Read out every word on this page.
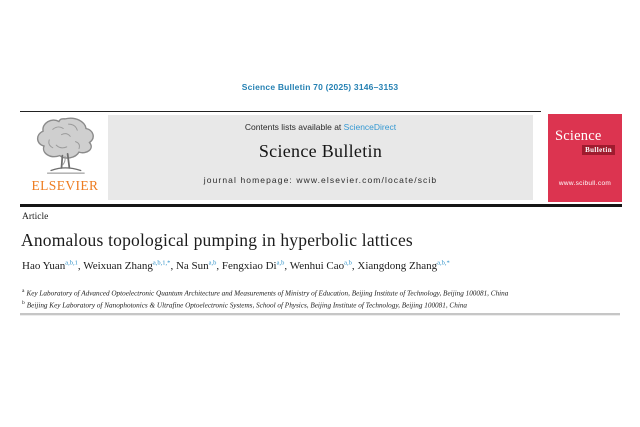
Science Bulletin 70 (2025) 3146–3153
ELSEVIER
Contents lists available at ScienceDirect
Science Bulletin
journal homepage: www.elsevier.com/locate/scib
Science
Bulletin
www.scibull.com
Article
Anomalous topological pumping in hyperbolic lattices
Hao Yuan$^{a,b,1}$, Weixuan Zhang$^{a,b,1,*}$, Na Sun$^{a,b}$, Fengxiao Di$^{a,b}$, Wenhui Cao$^{a,b}$, Xiangdong Zhang$^{a,b,*}$
$^a$ Key Laboratory of Advanced Optoelectronic Quantum Architecture and Measurements of Ministry of Education, Beijing Institute of Technology, Beijing 100081, China
$^b$ Beijing Key Laboratory of Nanophotonics & Ultrafine Optoelectronic Systems, School of Physics, Beijing Institute of Technology, Beijing 100081, China
